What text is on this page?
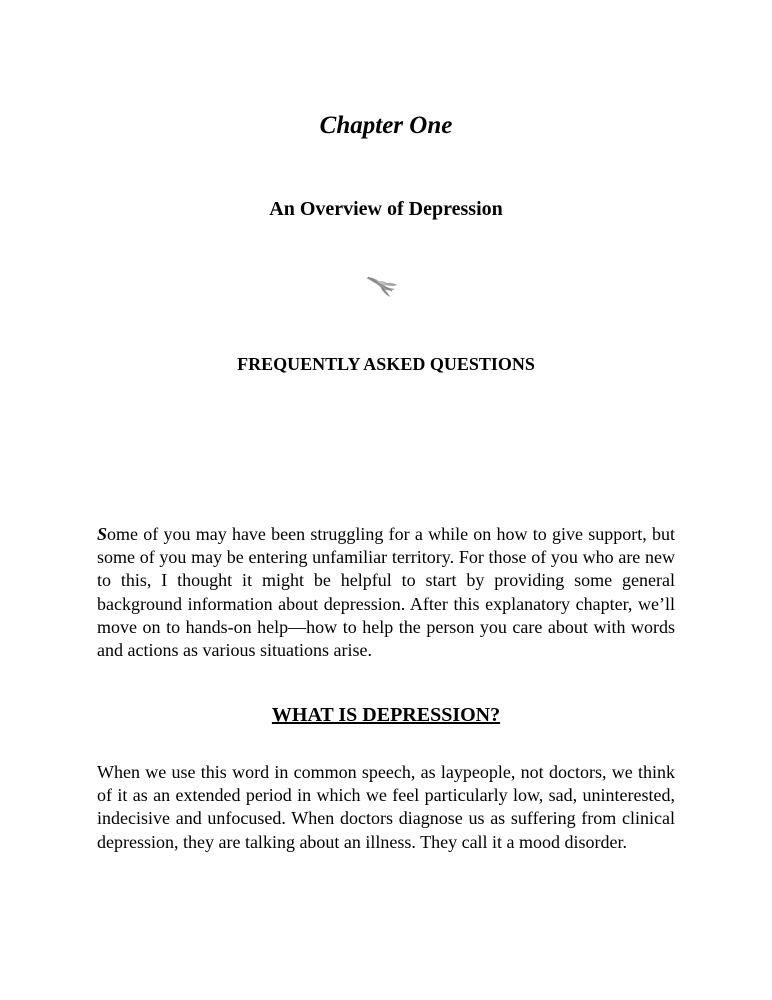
Chapter One
An Overview of Depression
FREQUENTLY ASKED QUESTIONS

Some of you may have been struggling for a while on how to give support, but some of you may be entering unfamiliar territory. For those of you who are new to this, I thought it might be helpful to start by providing some general background information about depression. After this explanatory chapter, we’ll move on to hands-on help—how to help the person you care about with words and actions as various situations arise.

WHAT IS DEPRESSION?

When we use this word in common speech, as laypeople, not doctors, we think of it as an extended period in which we feel particularly low, sad, uninterested, indecisive and unfocused. When doctors diagnose us as suffering from clinical depression, they are talking about an illness. They call it a mood disorder.
